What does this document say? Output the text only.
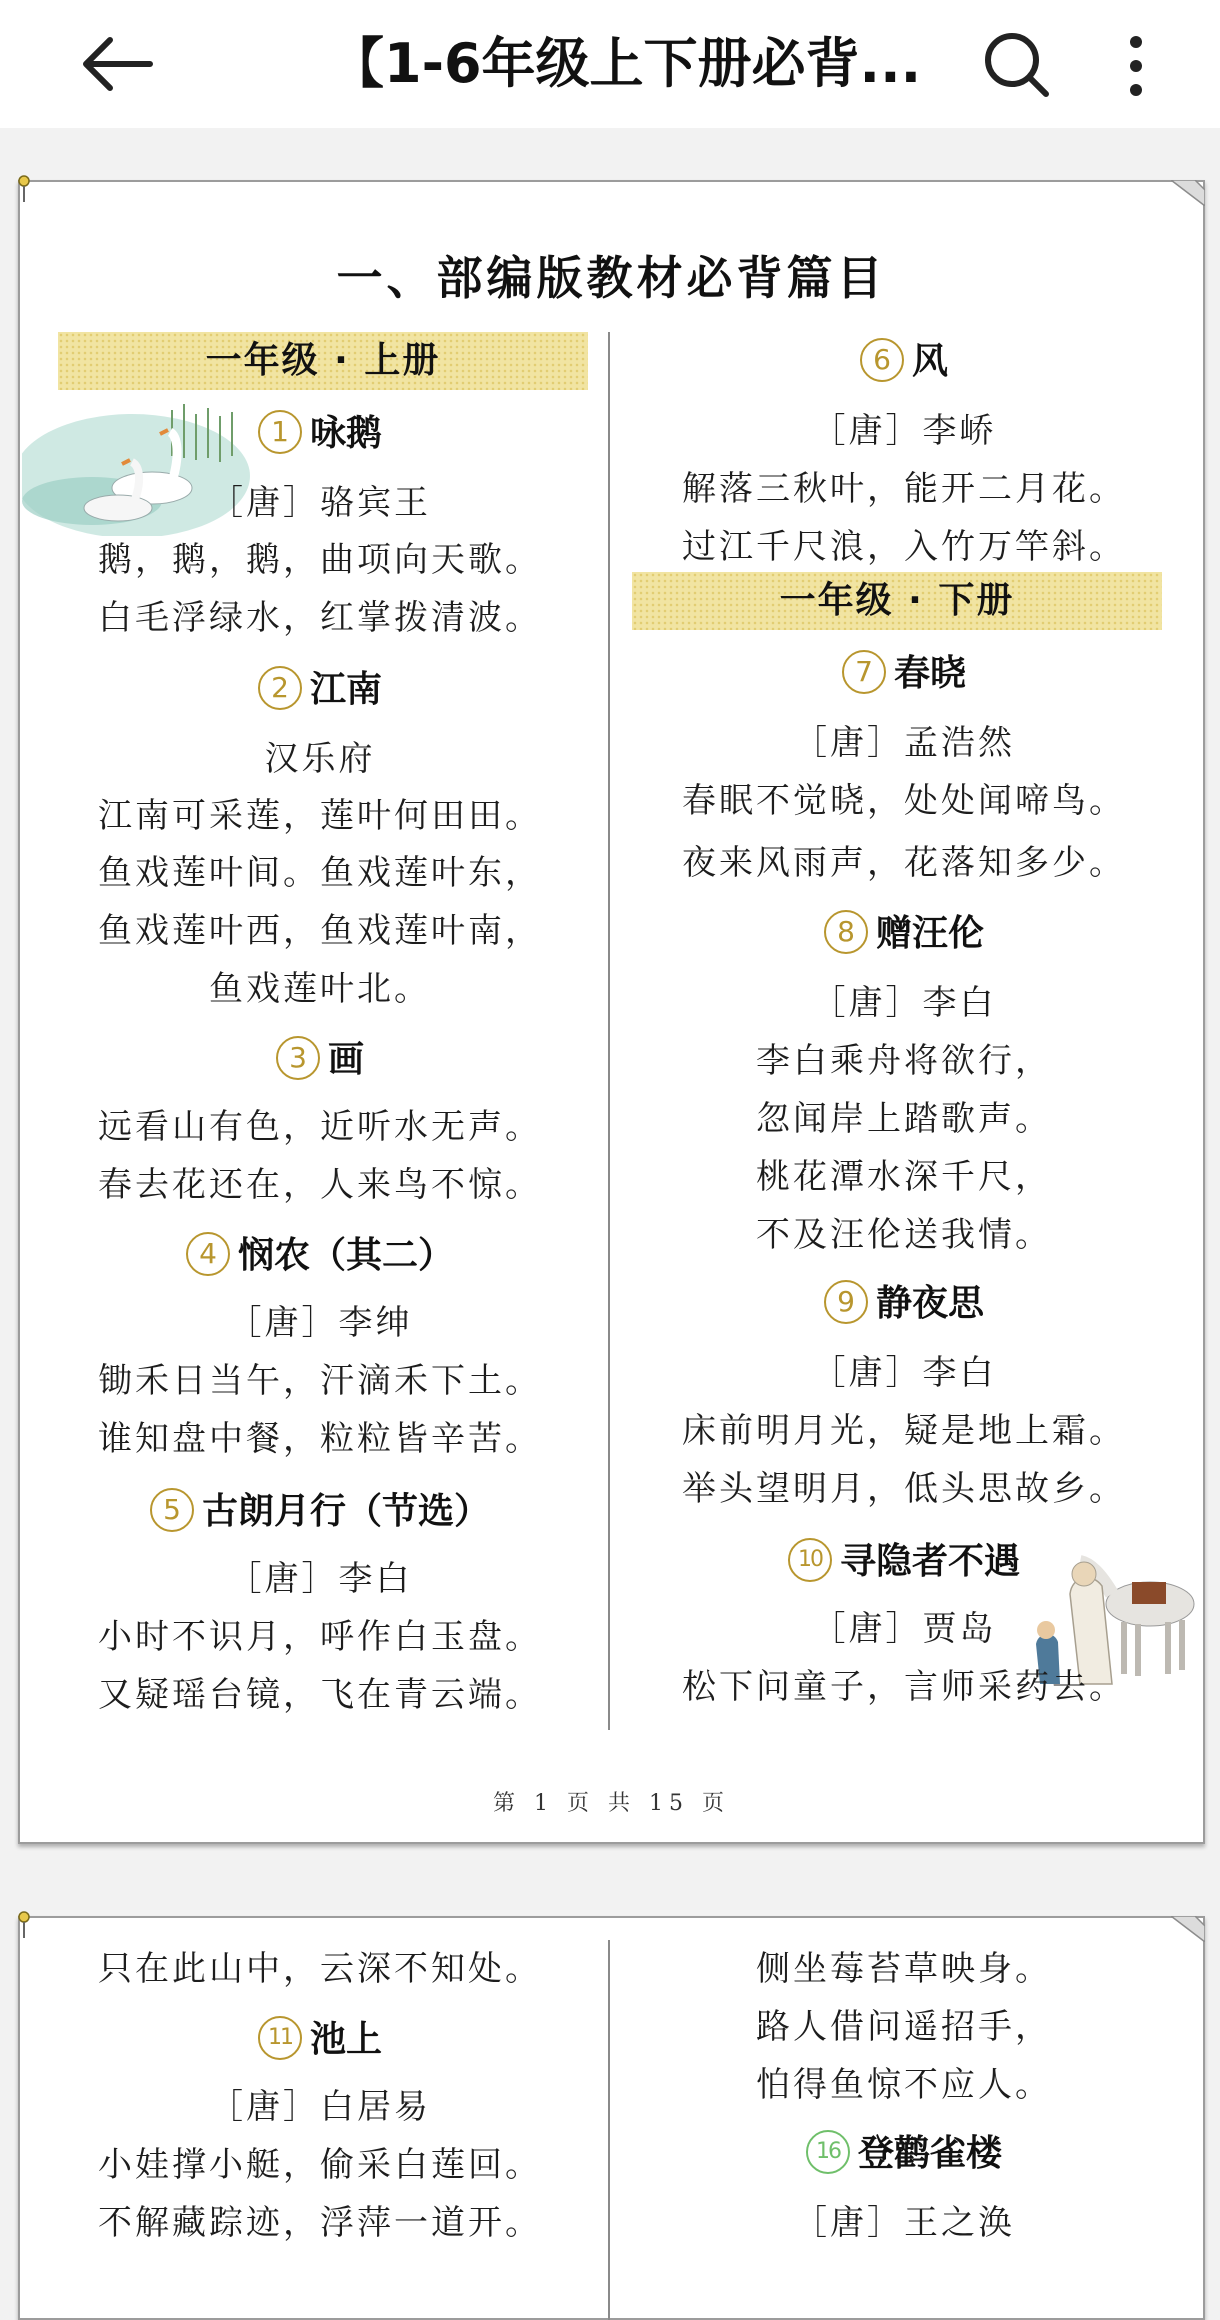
【1-6年级上下册必背...
一、部编版教材必背篇目
一年级 · 上册
1 咏鹅
［唐］骆宾王
鹅，鹅，鹅，曲项向天歌。
白毛浮绿水，红掌拨清波。
2 江南
汉乐府
江南可采莲，莲叶何田田。
鱼戏莲叶间。鱼戏莲叶东，
鱼戏莲叶西，鱼戏莲叶南，
鱼戏莲叶北。
3 画
远看山有色，近听水无声。
春去花还在，人来鸟不惊。
4 悯农（其二）
［唐］李绅
锄禾日当午，汗滴禾下土。
谁知盘中餐，粒粒皆辛苦。
5 古朗月行（节选）
［唐］李白
小时不识月，呼作白玉盘。
又疑瑶台镜，飞在青云端。
6 风
［唐］李峤
解落三秋叶，能开二月花。
过江千尺浪，入竹万竿斜。
一年级 · 下册
7 春晓
［唐］孟浩然
春眠不觉晓，处处闻啼鸟。
夜来风雨声，花落知多少。
8 赠汪伦
［唐］李白
李白乘舟将欲行，
忽闻岸上踏歌声。
桃花潭水深千尺，
不及汪伦送我情。
9 静夜思
［唐］李白
床前明月光，疑是地上霜。
举头望明月，低头思故乡。
10 寻隐者不遇
［唐］贾岛
松下问童子，言师采药去。
第 1 页 共 15 页
只在此山中，云深不知处。
11 池上
［唐］白居易
小娃撑小艇，偷采白莲回。
不解藏踪迹，浮萍一道开。
侧坐莓苔草映身。
路人借问遥招手，
怕得鱼惊不应人。
16 登鹳雀楼
［唐］王之涣
